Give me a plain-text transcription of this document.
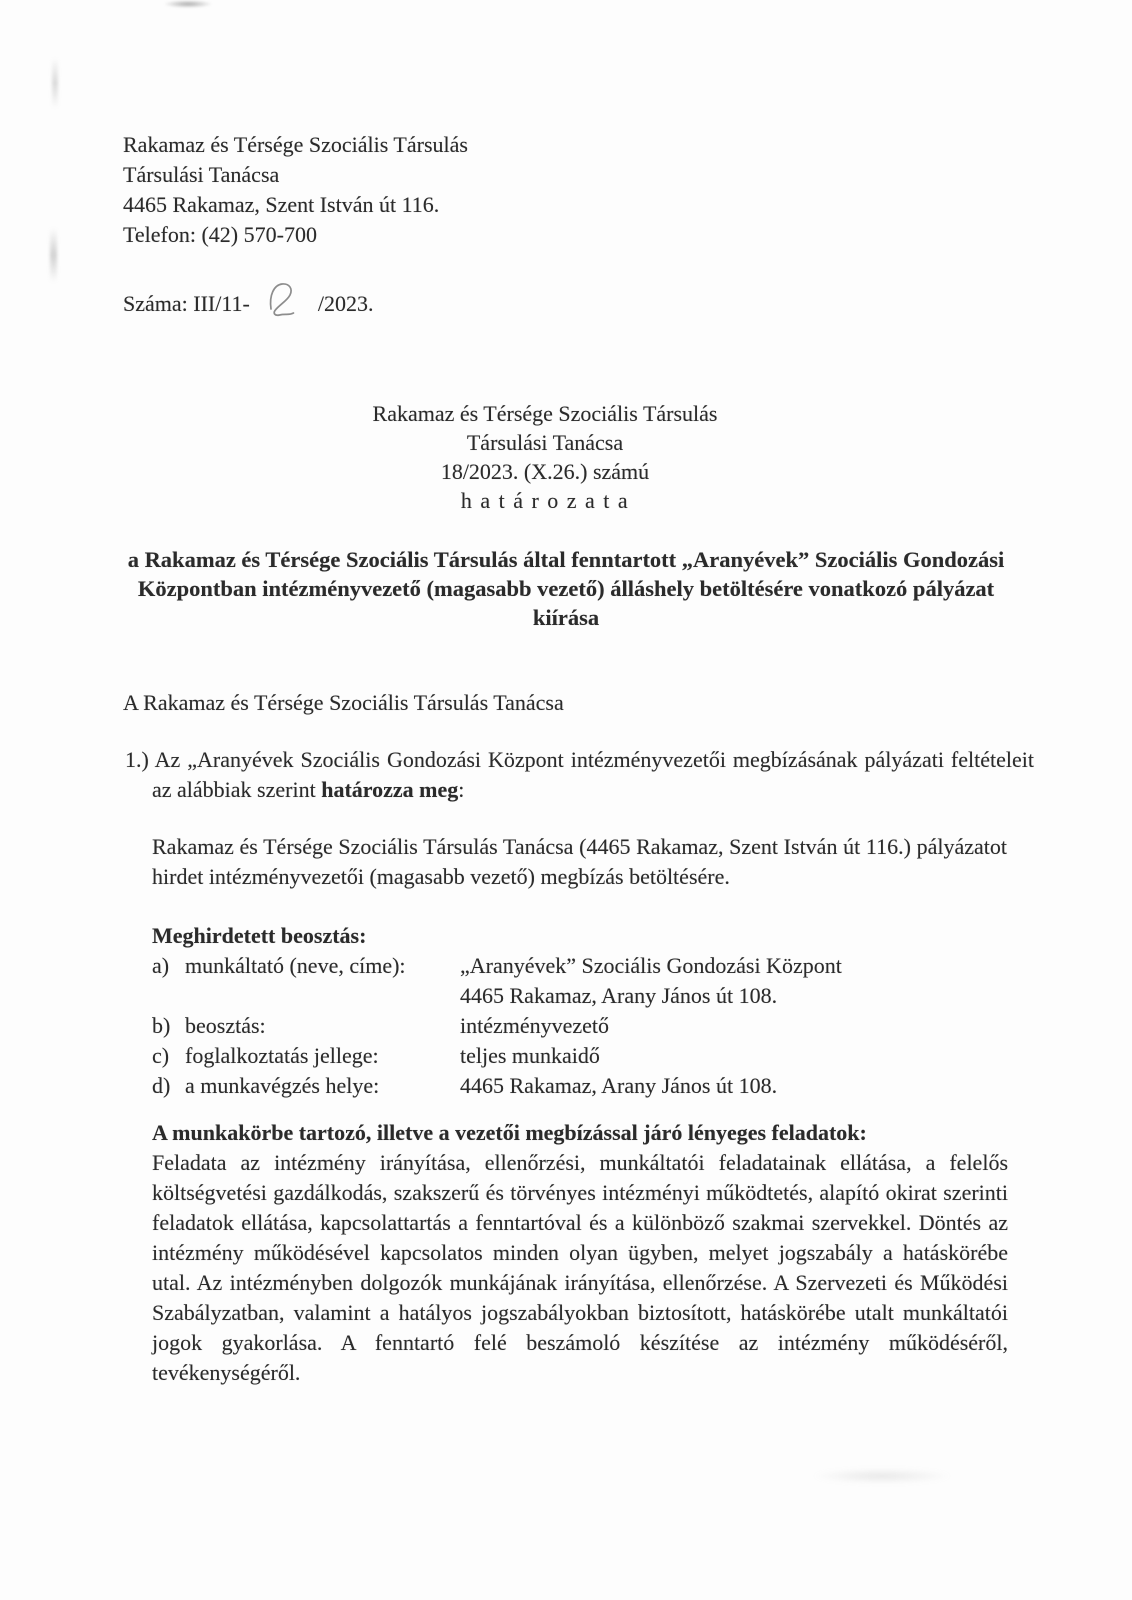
Rakamaz és Térsége Szociális Társulás
Társulási Tanácsa
4465 Rakamaz, Szent István út 116.
Telefon: (42) 570-700
Száma: III/11-	/2023.
Rakamaz és Térsége Szociális Társulás
Társulási Tanácsa
18/2023. (X.26.) számú
h a t á r o z a t a
a Rakamaz és Térsége Szociális Társulás által fenntartott „Aranyévek” Szociális Gondozási Központban intézményvezető (magasabb vezető) álláshely betöltésére vonatkozó pályázat kiírása
A Rakamaz és Térsége Szociális Társulás Tanácsa

1.) Az „Aranyévek Szociális Gondozási Központ intézményvezetői megbízásának pályázati feltételeit az alábbiak szerint határozza meg:

Rakamaz és Térsége Szociális Társulás Tanácsa (4465 Rakamaz, Szent István út 116.) pályázatot hirdet intézményvezetői (magasabb vezető) megbízás betöltésére.

Meghirdetett beosztás:
a) munkáltató (neve, címe):	„Aranyévek” Szociális Gondozási Központ
4465 Rakamaz, Arany János út 108.
b) beosztás:	intézményvezető
c) foglalkoztatás jellege:	teljes munkaidő
d) a munkavégzés helye:	4465 Rakamaz, Arany János út 108.
A munkakörbe tartozó, illetve a vezetői megbízással járó lényeges feladatok:

Feladata az intézmény irányítása, ellenőrzési, munkáltatói feladatainak ellátása, a felelős költségvetési gazdálkodás, szakszerű és törvényes intézményi működtetés, alapító okirat szerinti feladatok ellátása, kapcsolattartás a fenntartóval és a különböző szakmai szervekkel. Döntés az intézmény működésével kapcsolatos minden olyan ügyben, melyet jogszabály a hatáskörébe utal. Az intézményben dolgozók munkájának irányítása, ellenőrzése. A Szervezeti és Működési Szabályzatban, valamint a hatályos jogszabályokban biztosított, hatáskörébe utalt munkáltatói jogok gyakorlása. A fenntartó felé beszámoló készítése az intézmény működéséről, tevékenységéről.
